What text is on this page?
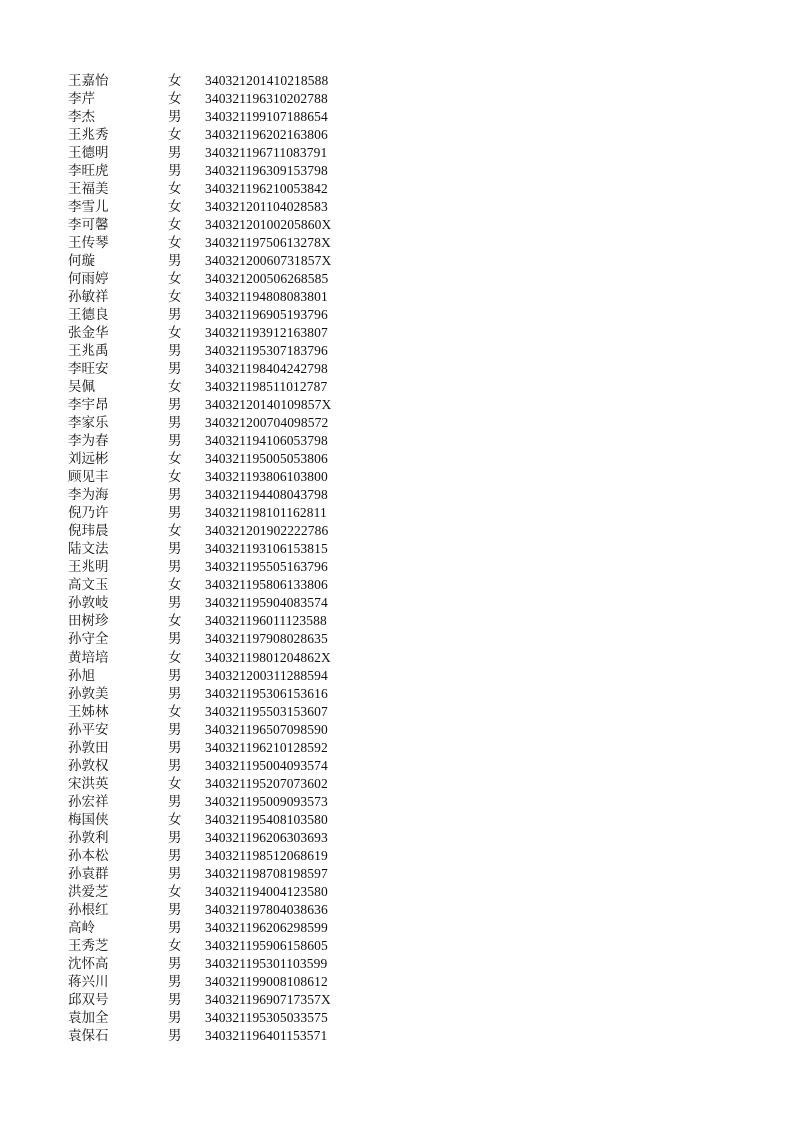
王嘉怡	女 340321201410218588
李芹	女 340321196310202788
李杰	男 340321199107188654
王兆秀	女 340321196202163806
王德明	男 340321196711083791
李旺虎	男 340321196309153798
王福美	女 340321196210053842
李雪儿	女 340321201104028583
李可馨	女 34032120100205860X
王传琴	女 34032119750613278X
何璇	男 34032120060731857X
何雨婷	女 340321200506268585
孙敏祥	女 340321194808083801
王德良	男 340321196905193796
张金华	女 340321193912163807
王兆禹	男 340321195307183796
李旺安	男 340321198404242798
吴佩	女 340321198511012787
李宇昂	男 34032120140109857X
李家乐	男 340321200704098572
李为春	男 340321194106053798
刘远彬	女 340321195005053806
顾见丰	女 340321193806103800
李为海	男 340321194408043798
倪乃许	男 340321198101162811
倪玮晨	女 340321201902222786
陆文法	男 340321193106153815
王兆明	男 340321195505163796
高文玉	女 340321195806133806
孙敦岐	男 340321195904083574
田树珍	女 340321196011123588
孙守全	男 340321197908028635
黄培培	女 34032119801204862X
孙旭	男 340321200311288594
孙敦美	男 340321195306153616
王姊林	女 340321195503153607
孙平安	男 340321196507098590
孙敦田	男 340321196210128592
孙敦权	男 340321195004093574
宋洪英	女 340321195207073602
孙宏祥	男 340321195009093573
梅国侠	女 340321195408103580
孙敦利	男 340321196206303693
孙本松	男 340321198512068619
孙袁群	男 340321198708198597
洪爱芝	女 340321194004123580
孙根红	男 340321197804038636
高岭	男 340321196206298599
王秀芝	女 340321195906158605
沈怀高	男 340321195301103599
蒋兴川	男 340321199008108612
邱双号	男 34032119690717357X
袁加全	男 340321195305033575
袁保石	男 340321196401153571
